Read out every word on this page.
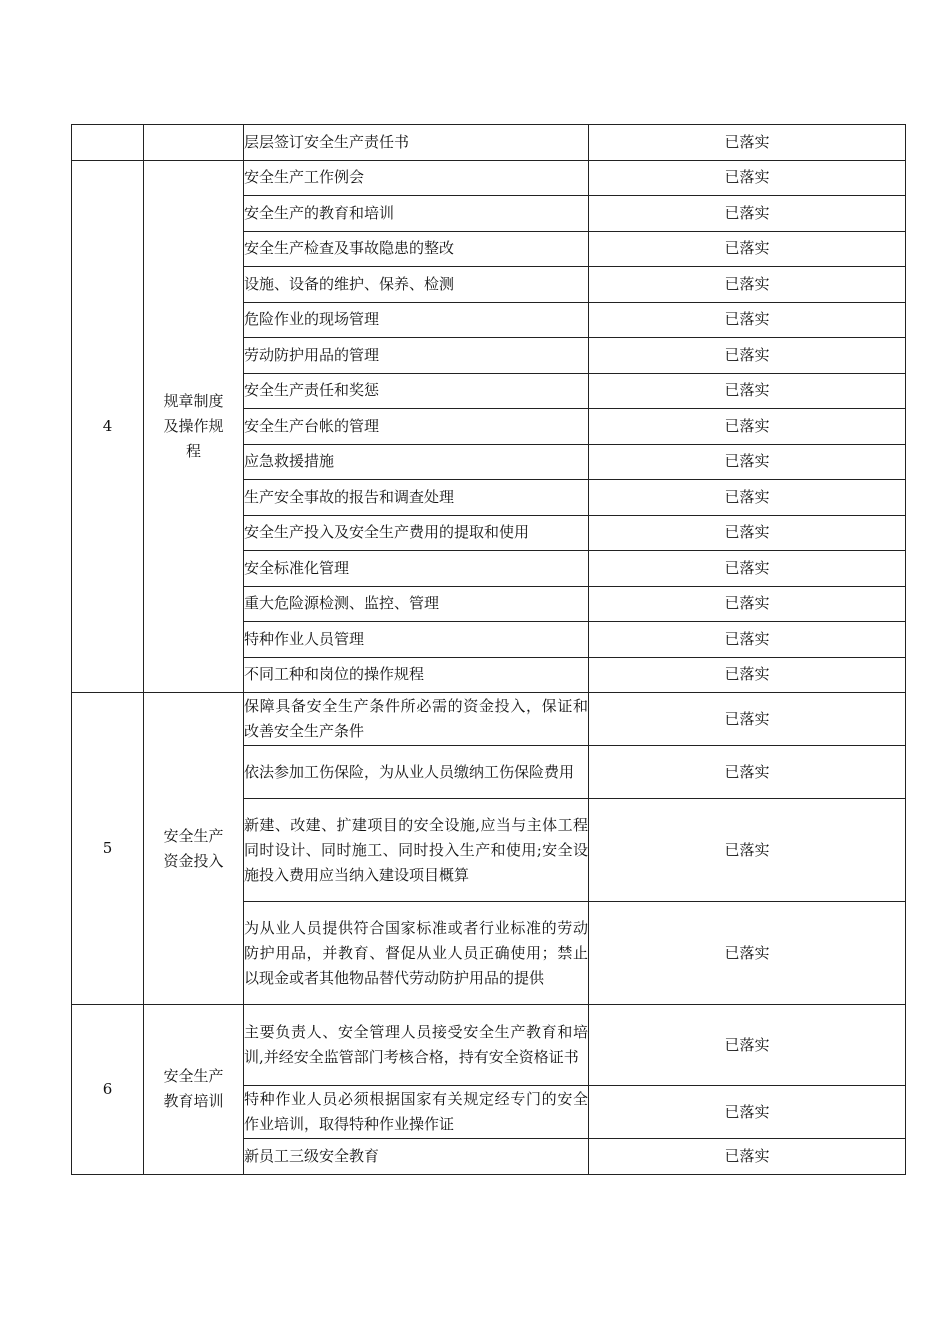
		层层签订安全生产责任书	已落实
4	规章制度及操作规程	安全生产工作例会	已落实
		安全生产的教育和培训	已落实
		安全生产检查及事故隐患的整改	已落实
		设施、设备的维护、保养、检测	已落实
		危险作业的现场管理	已落实
		劳动防护用品的管理	已落实
		安全生产责任和奖惩	已落实
		安全生产台帐的管理	已落实
		应急救援措施	已落实
		生产安全事故的报告和调查处理	已落实
		安全生产投入及安全生产费用的提取和使用	已落实
		安全标准化管理	已落实
		重大危险源检测、监控、管理	已落实
		特种作业人员管理	已落实
		不同工种和岗位的操作规程	已落实
5	安全生产资金投入	保障具备安全生产条件所必需的资金投入，保证和改善安全生产条件	已落实
		依法参加工伤保险，为从业人员缴纳工伤保险费用	已落实
		新建、改建、扩建项目的安全设施,应当与主体工程同时设计、同时施工、同时投入生产和使用;安全设施投入费用应当纳入建设项目概算	已落实
		为从业人员提供符合国家标准或者行业标准的劳动防护用品，并教育、督促从业人员正确使用；禁止以现金或者其他物品替代劳动防护用品的提供	已落实
6	安全生产教育培训	主要负责人、安全管理人员接受安全生产教育和培训,并经安全监管部门考核合格，持有安全资格证书	已落实
		特种作业人员必须根据国家有关规定经专门的安全作业培训，取得特种作业操作证	已落实
		新员工三级安全教育	已落实
